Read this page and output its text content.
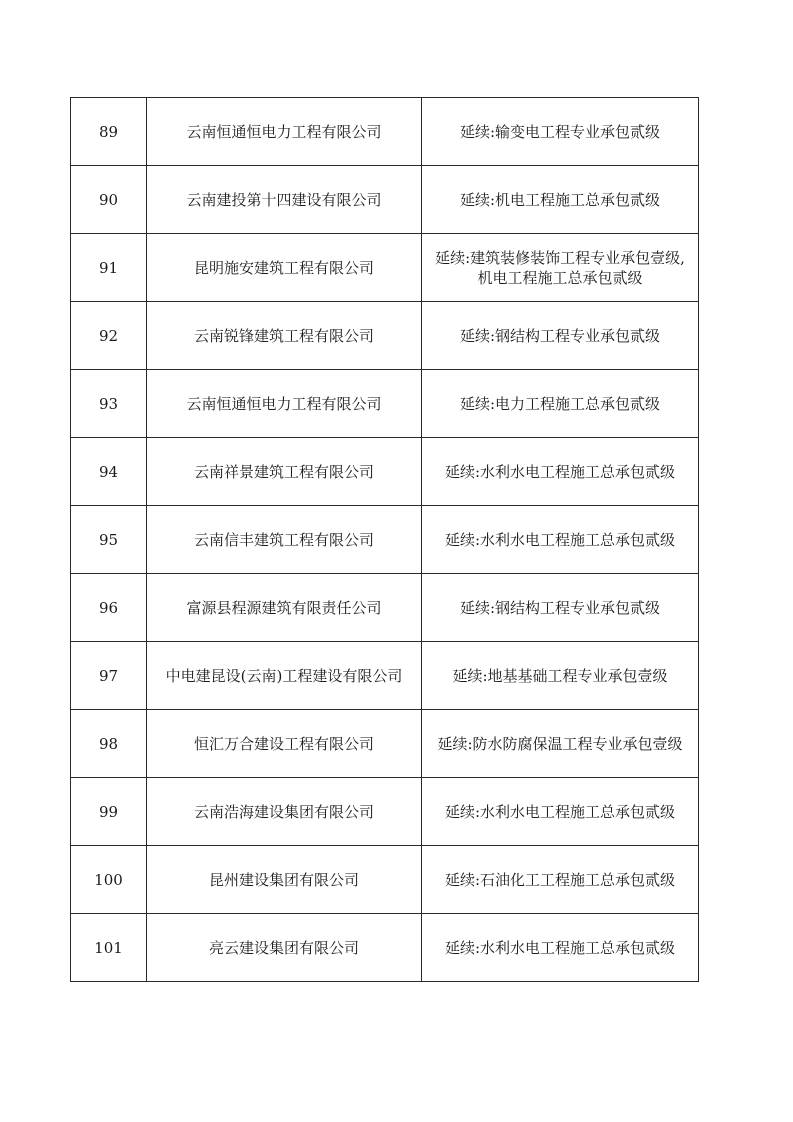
89	云南恒通恒电力工程有限公司	延续:输变电工程专业承包贰级

90	云南建投第十四建设有限公司	延续:机电工程施工总承包贰级

91	昆明施安建筑工程有限公司	延续:建筑装修装饰工程专业承包壹级,
机电工程施工总承包贰级

92	云南锐锋建筑工程有限公司	延续:钢结构工程专业承包贰级

93	云南恒通恒电力工程有限公司	延续:电力工程施工总承包贰级

94	云南祥景建筑工程有限公司	延续:水利水电工程施工总承包贰级

95	云南信丰建筑工程有限公司	延续:水利水电工程施工总承包贰级

96	富源县程源建筑有限责任公司	延续:钢结构工程专业承包贰级

97	中电建昆设(云南)工程建设有限公司	延续:地基基础工程专业承包壹级

98	恒汇万合建设工程有限公司	延续:防水防腐保温工程专业承包壹级

99	云南浩海建设集团有限公司	延续:水利水电工程施工总承包贰级

100	昆州建设集团有限公司	延续:石油化工工程施工总承包贰级

101	亮云建设集团有限公司	延续:水利水电工程施工总承包贰级
